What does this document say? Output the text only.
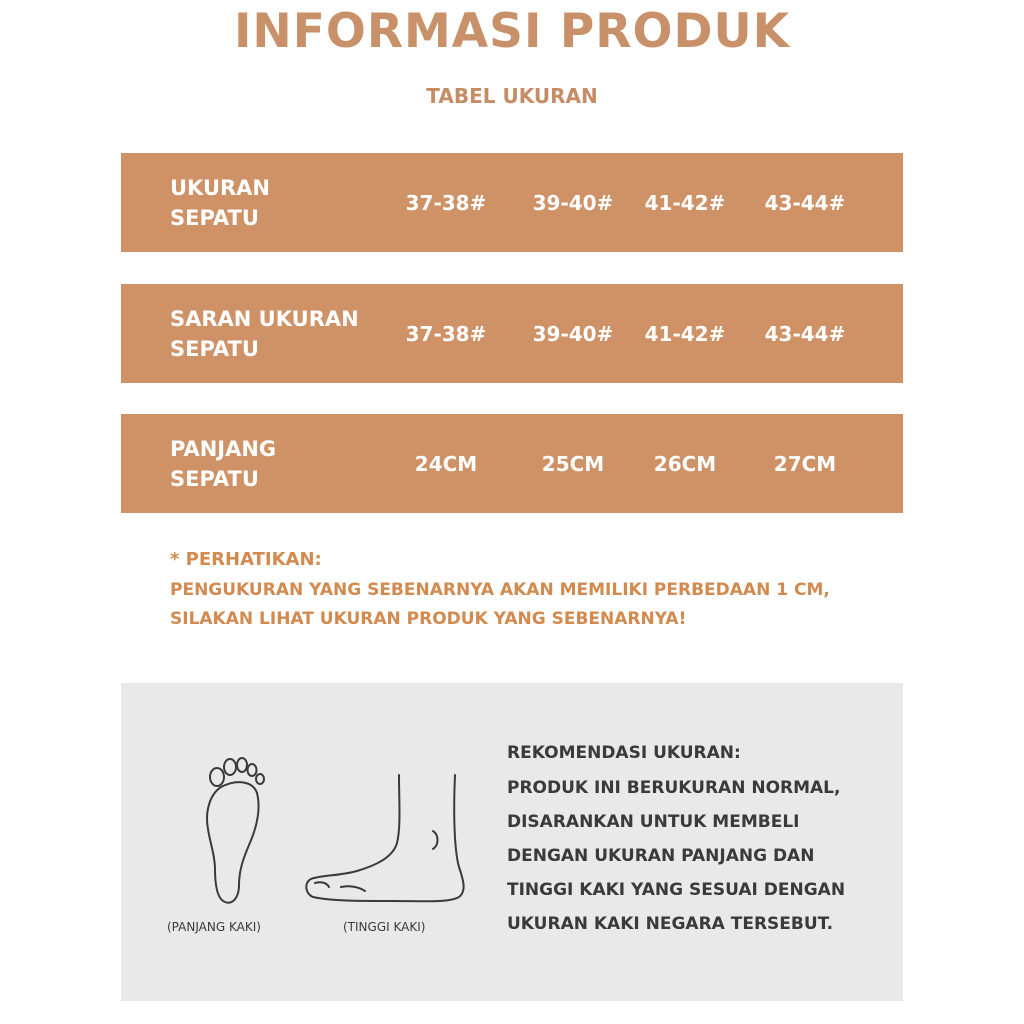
INFORMASI PRODUK
TABEL UKURAN
UKURAN
SEPATU
37-38#	39-40#	41-42#	43-44#
SARAN UKURAN
SEPATU
37-38#	39-40#	41-42#	43-44#
PANJANG
SEPATU
24CM	25CM	26CM	27CM
* PERHATIKAN:
PENGUKURAN YANG SEBENARNYA AKAN MEMILIKI PERBEDAAN 1 CM,
SILAKAN LIHAT UKURAN PRODUK YANG SEBENARNYA!
(PANJANG KAKI)	(TINGGI KAKI)
REKOMENDASI UKURAN:
PRODUK INI BERUKURAN NORMAL,
DISARANKAN UNTUK MEMBELI
DENGAN UKURAN PANJANG DAN
TINGGI KAKI YANG SESUAI DENGAN
UKURAN KAKI NEGARA TERSEBUT.
